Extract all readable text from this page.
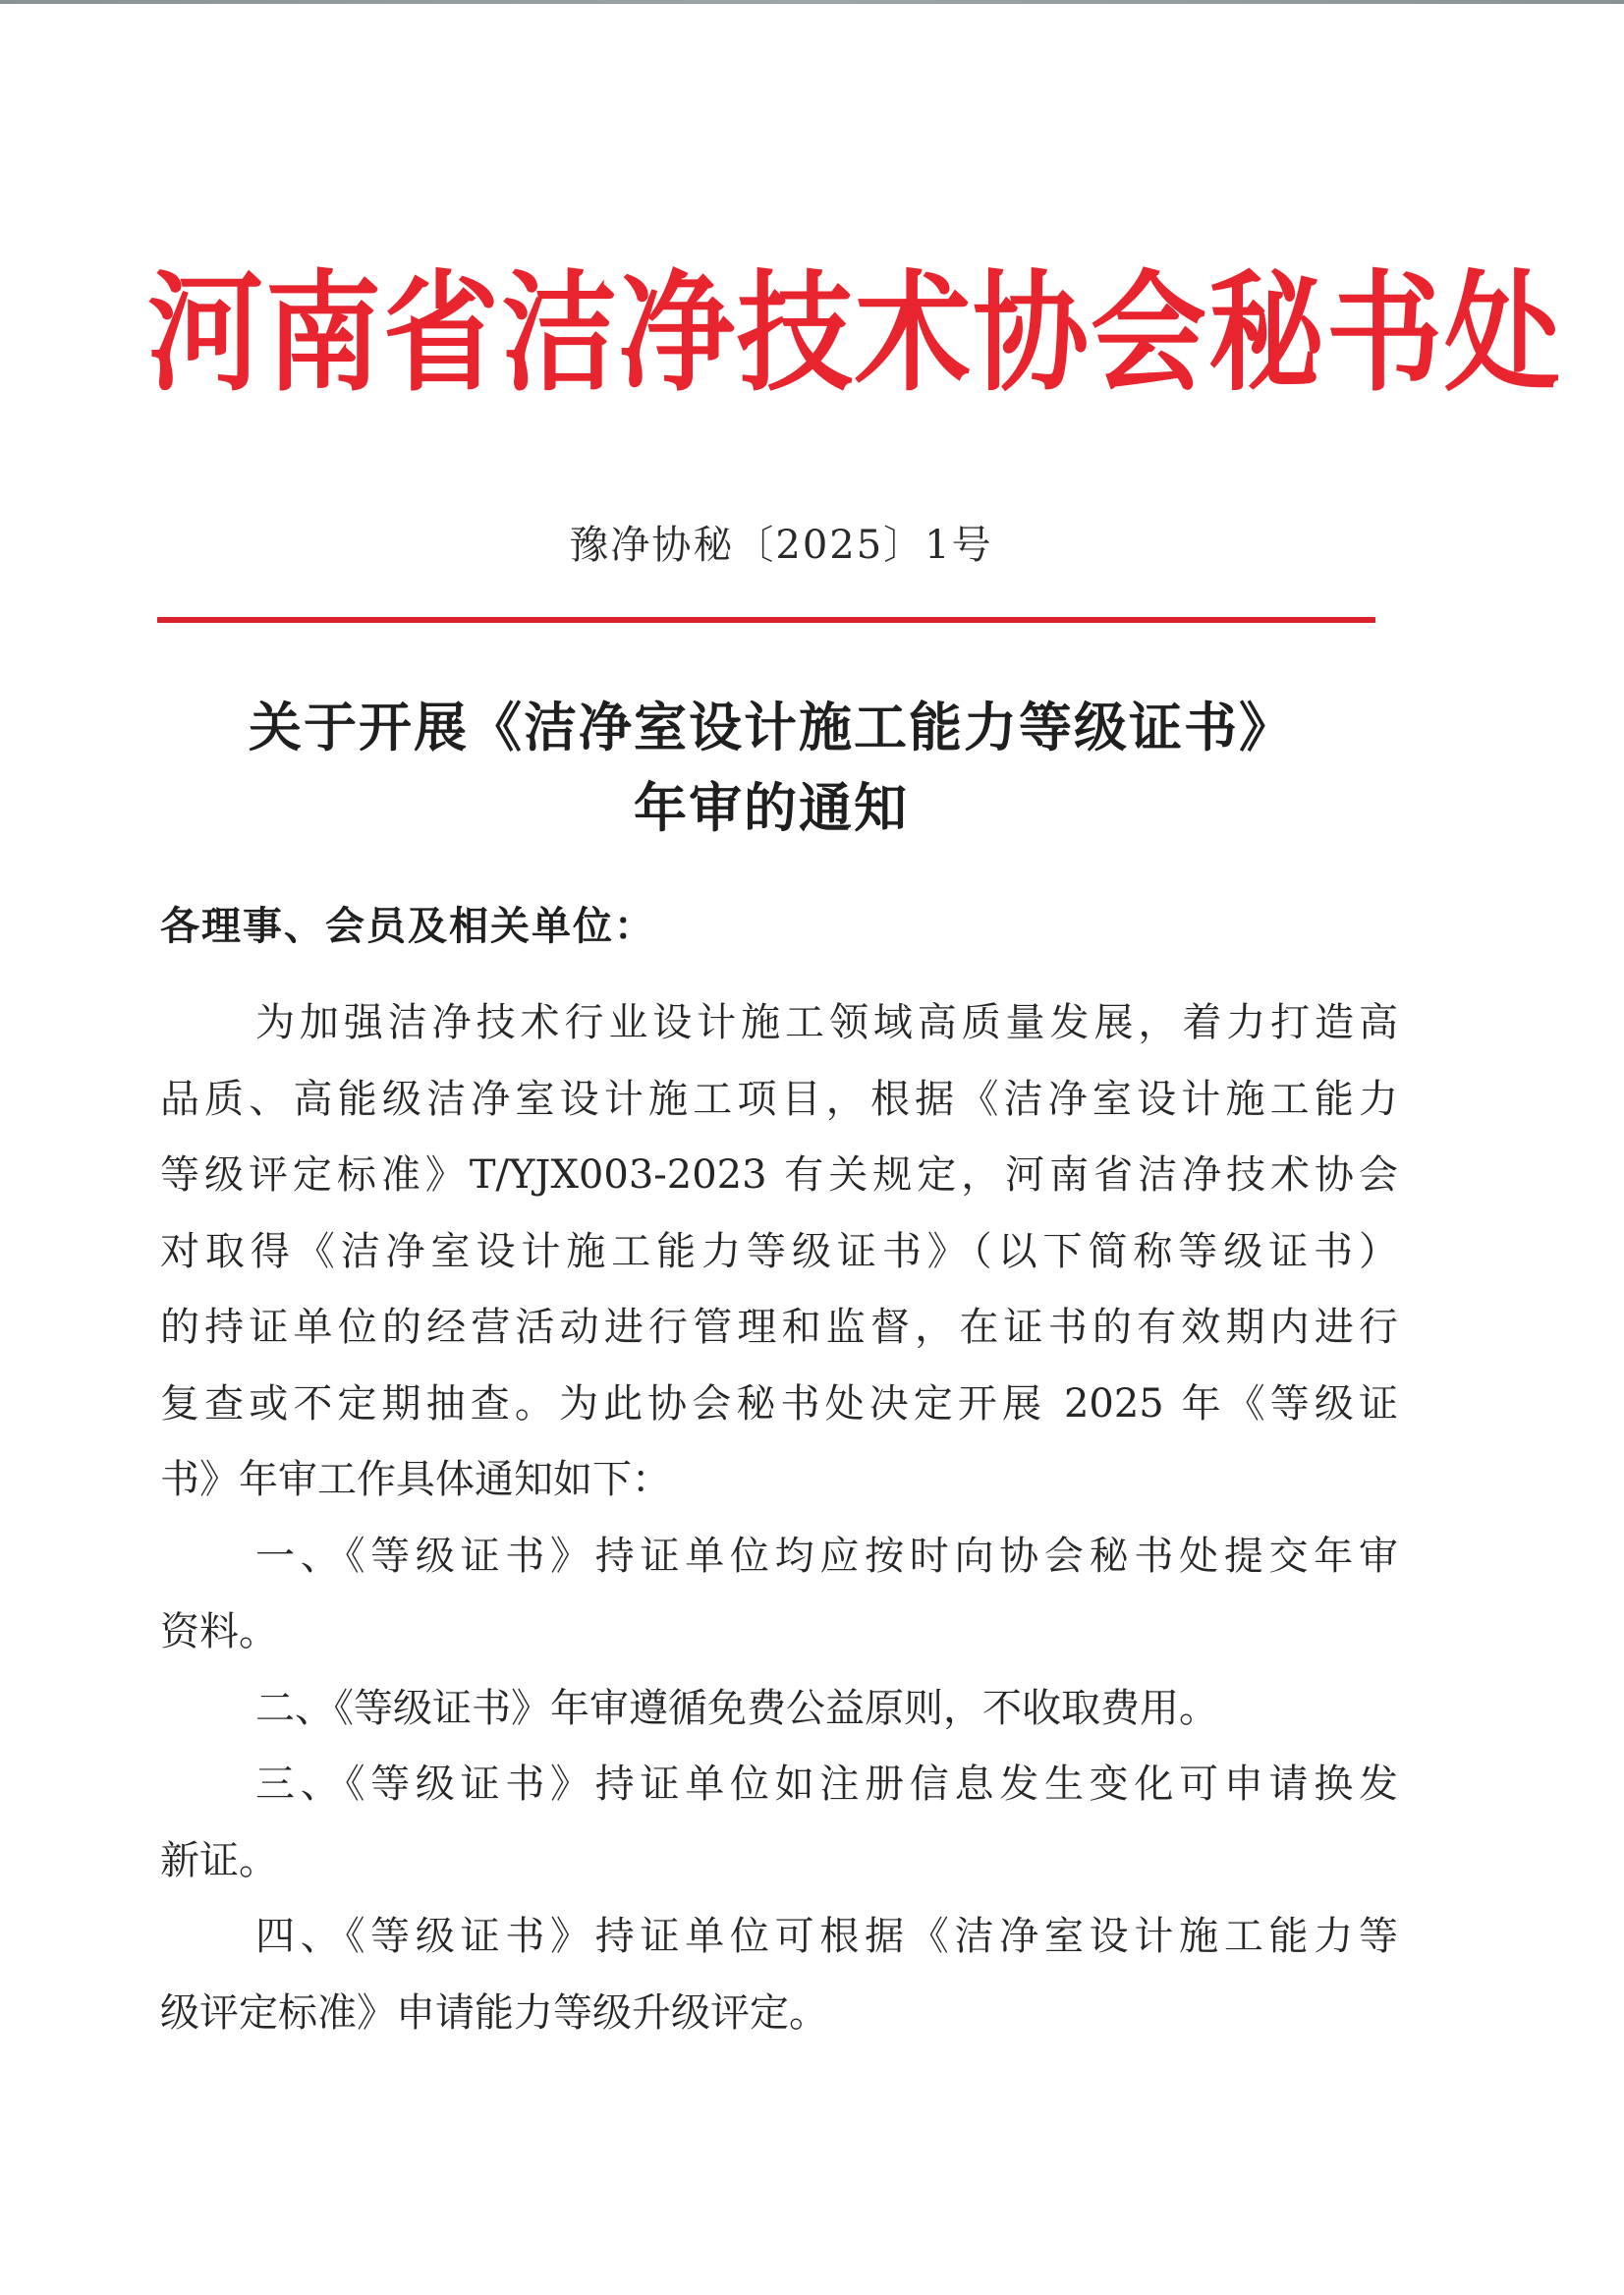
河南省洁净技术协会秘书处
豫净协秘〔2025〕1号
关于开展《洁净室设计施工能力等级证书》
年审的通知
各理事、会员及相关单位：
为加强洁净技术行业设计施工领域高质量发展，着力打造高
品质、高能级洁净室设计施工项目，根据《洁净室设计施工能力
等级评定标准》T/YJX003-2023 有关规定，河南省洁净技术协会
对取得《洁净室设计施工能力等级证书》（以下简称等级证书）
的持证单位的经营活动进行管理和监督，在证书的有效期内进行
复查或不定期抽查。为此协会秘书处决定开展 2025 年《等级证
书》年审工作具体通知如下：
一、《等级证书》持证单位均应按时向协会秘书处提交年审
资料。
二、《等级证书》年审遵循免费公益原则，不收取费用。
三、《等级证书》持证单位如注册信息发生变化可申请换发
新证。
四、《等级证书》持证单位可根据《洁净室设计施工能力等
级评定标准》申请能力等级升级评定。
